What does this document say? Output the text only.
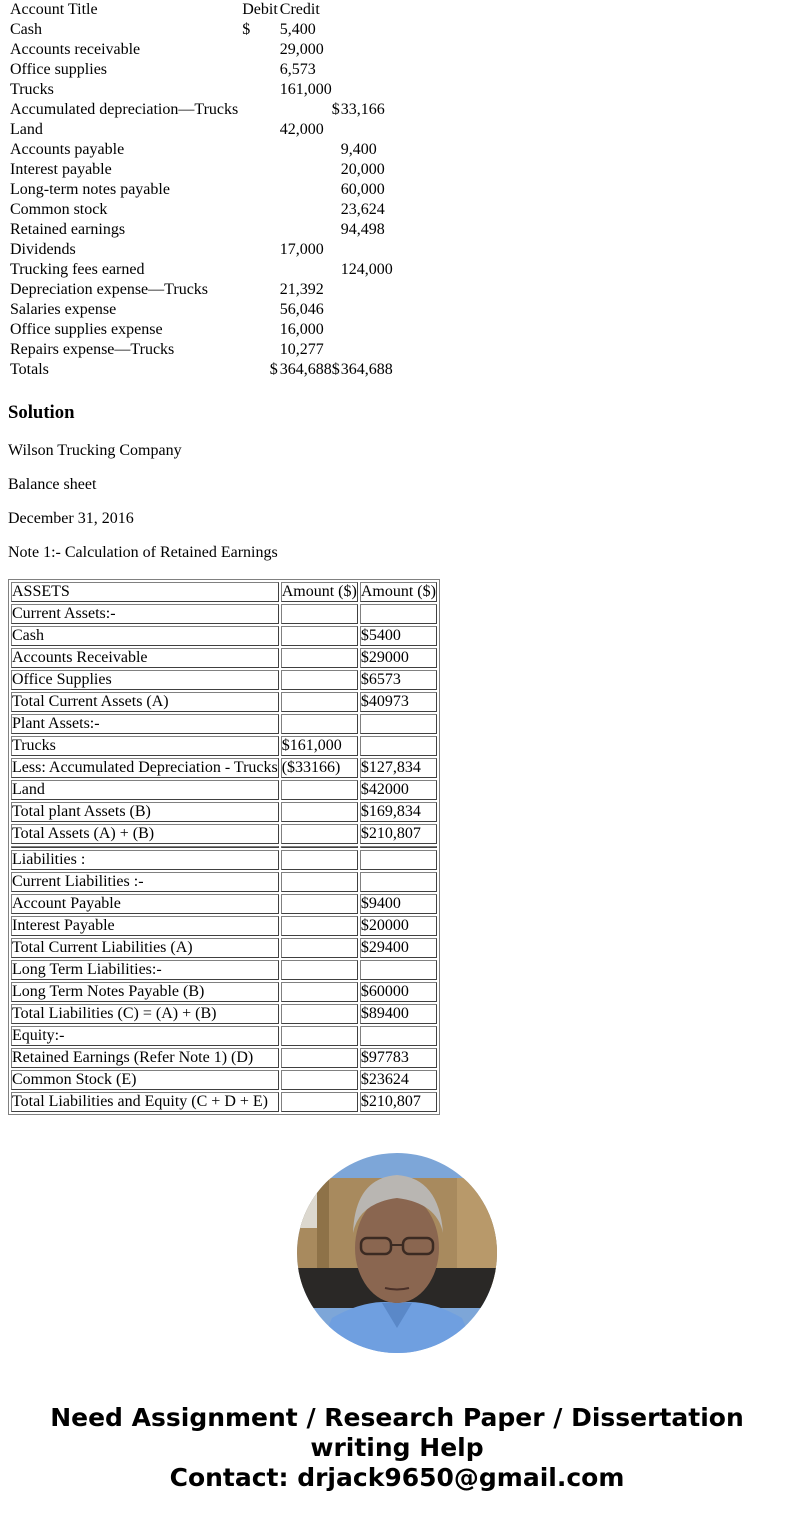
Account Title	Debit	Credit		
Cash	$	5,400		
Accounts receivable		29,000		
Office supplies		6,573		
Trucks		161,000		
Accumulated depreciation—Trucks			$	33,166
Land		42,000		
Accounts payable				9,400
Interest payable				20,000
Long-term notes payable				60,000
Common stock				23,624
Retained earnings				94,498
Dividends		17,000		
Trucking fees earned				124,000
Depreciation expense—Trucks		21,392		
Salaries expense		56,046		
Office supplies expense		16,000		
Repairs expense—Trucks		10,277		
Totals	$	364,688	$	364,688
Solution

Wilson Trucking Company

Balance sheet

December 31, 2016

Note 1:- Calculation of Retained Earnings

ASSETS	Amount ($)	Amount ($)
Current Assets:-		
Cash		$5400
Accounts Receivable		$29000
Office Supplies		$6573
Total Current Assets (A)		$40973
Plant Assets:-		
Trucks	$161,000	
Less: Accumulated Depreciation - Trucks	($33166)	$127,834
Land		$42000
Total plant Assets (B)		$169,834
Total Assets (A) + (B)		$210,807

Liabilities :		
Current Liabilities :-		
Account Payable		$9400
Interest Payable		$20000
Total Current Liabilities (A)		$29400
Long Term Liabilities:-		
Long Term Notes Payable (B)		$60000
Total Liabilities (C) = (A) + (B)		$89400
Equity:-		
Retained Earnings (Refer Note 1) (D)		$97783
Common Stock (E)		$23624
Total Liabilities and Equity (C + D + E)		$210,807
Need Assignment / Research Paper / Dissertation
writing Help
Contact: drjack9650@gmail.com
